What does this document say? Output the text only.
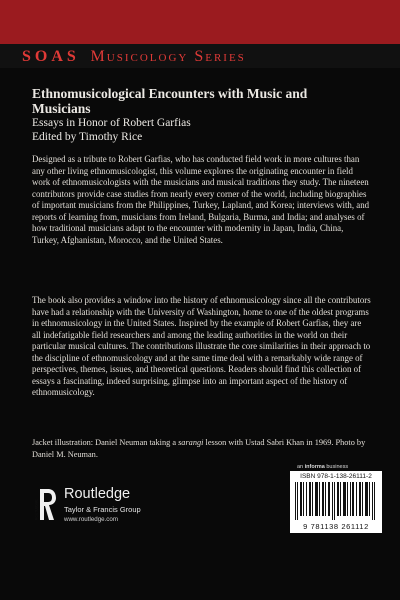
SOAS Musicology Series
Ethnomusicological Encounters with Music and Musicians
Essays in Honor of Robert Garfias
Edited by Timothy Rice

Designed as a tribute to Robert Garfias, who has conducted field work in more cultures than any other living ethnomusicologist, this volume explores the originating encounter in field work of ethnomusicologists with the musicians and musical traditions they study. The nineteen contributors provide case studies from nearly every corner of the world, including biographies of important musicians from the Philippines, Turkey, Lapland, and Korea; interviews with, and reports of learning from, musicians from Ireland, Bulgaria, Burma, and India; and analyses of how traditional musicians adapt to the encounter with modernity in Japan, India, China, Turkey, Afghanistan, Morocco, and the United States.

The book also provides a window into the history of ethnomusicology since all the contributors have had a relationship with the University of Washington, home to one of the oldest programs in ethnomusicology in the United States. Inspired by the example of Robert Garfias, they are all indefatigable field researchers and among the leading authorities in the world on their particular musical cultures. The contributions illustrate the core similarities in their approach to the discipline of ethnomusicology and at the same time deal with a remarkably wide range of perspectives, themes, issues, and theoretical questions. Readers should find this collection of essays a fascinating, indeed surprising, glimpse into an important aspect of the history of ethnomusicology.

Jacket illustration: Daniel Neuman taking a sarangi lesson with Ustad Sabri Khan in 1969. Photo by Daniel M. Neuman.
an informa business
ISBN 978-1-138-26111-2
9 781138 261112
ROUTLEDGE
Routledge
Taylor & Francis Group
www.routledge.com
